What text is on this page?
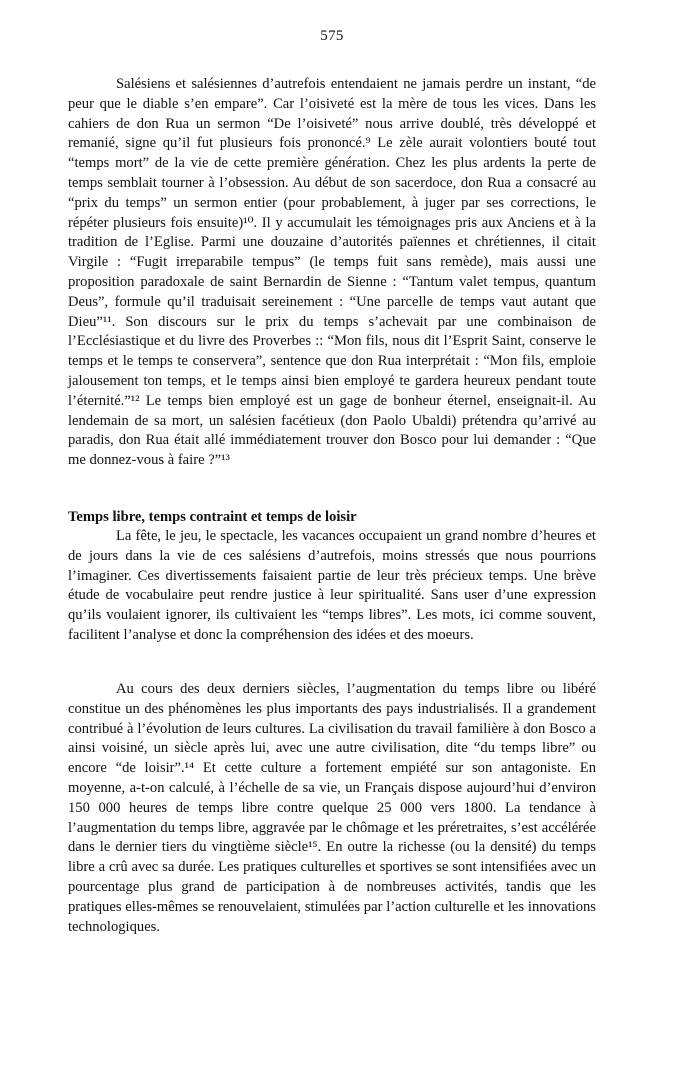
575

Salésiens et salésiennes d’autrefois entendaient ne jamais perdre un instant, “de peur que le diable s’en empare”. Car l’oisiveté est la mère de tous les vices. Dans les cahiers de don Rua un sermon “De l’oisiveté” nous arrive doublé, très développé et remanié, signe qu’il fut plusieurs fois prononcé.⁹ Le zèle aurait volontiers bouté tout “temps mort” de la vie de cette première génération. Chez les plus ardents la perte de temps semblait tourner à l’obsession. Au début de son sacerdoce, don Rua a consacré au “prix du temps” un sermon entier (pour probablement, à juger par ses corrections, le répéter plusieurs fois ensuite)¹⁰. Il y accumulait les témoignages pris aux Anciens et à la tradition de l’Eglise. Parmi une douzaine d’autorités païennes et chrétiennes, il citait Virgile : “Fugit irreparabile tempus” (le temps fuit sans remède), mais aussi une proposition paradoxale de saint Bernardin de Sienne : “Tantum valet tempus, quantum Deus”, formule qu’il traduisait sereinement : “Une parcelle de temps vaut autant que Dieu”¹¹. Son discours sur le prix du temps s’achevait par une combinaison de l’Ecclésiastique et du livre des Proverbes :: “Mon fils, nous dit l’Esprit Saint, conserve le temps et le temps te conservera”, sentence que don Rua interprétait : “Mon fils, emploie jalousement ton temps, et le temps ainsi bien employé te gardera heureux pendant toute l’éternité.”¹² Le temps bien employé est un gage de bonheur éternel, enseignait-il. Au lendemain de sa mort, un salésien facétieux (don Paolo Ubaldi) prétendra qu’arrivé au paradis, don Rua était allé immédiatement trouver don Bosco pour lui demander : “Que me donnez-vous à faire ?”¹³

Temps libre, temps contraint et temps de loisir

La fête, le jeu, le spectacle, les vacances occupaient un grand nombre d’heures et de jours dans la vie de ces salésiens d’autrefois, moins stressés que nous pourrions l’imaginer. Ces divertissements faisaient partie de leur très précieux temps. Une brève étude de vocabulaire peut rendre justice à leur spiritualité. Sans user d’une expression qu’ils voulaient ignorer, ils cultivaient les “temps libres”. Les mots, ici comme souvent, facilitent l’analyse et donc la compréhension des idées et des moeurs.

Au cours des deux derniers siècles, l’augmentation du temps libre ou libéré constitue un des phénomènes les plus importants des pays industrialisés. Il a grandement contribué à l’évolution de leurs cultures. La civilisation du travail familière à don Bosco a ainsi voisiné, un siècle après lui, avec une autre civilisation, dite “du temps libre” ou encore “de loisir”.¹⁴ Et cette culture a fortement empiété sur son antagoniste. En moyenne, a-t-on calculé, à l’échelle de sa vie, un Français dispose aujourd’hui d’environ 150 000 heures de temps libre contre quelque 25 000 vers 1800. La tendance à l’augmentation du temps libre, aggravée par le chômage et les préretraites, s’est accélérée dans le dernier tiers du vingtième siècle¹⁵. En outre la richesse (ou la densité) du temps libre a crû avec sa durée. Les pratiques culturelles et sportives se sont intensifiées avec un pourcentage plus grand de participation à de nombreuses activités, tandis que les pratiques elles-mêmes se renouvelaient, stimulées par l’action culturelle et les innovations technologiques.
